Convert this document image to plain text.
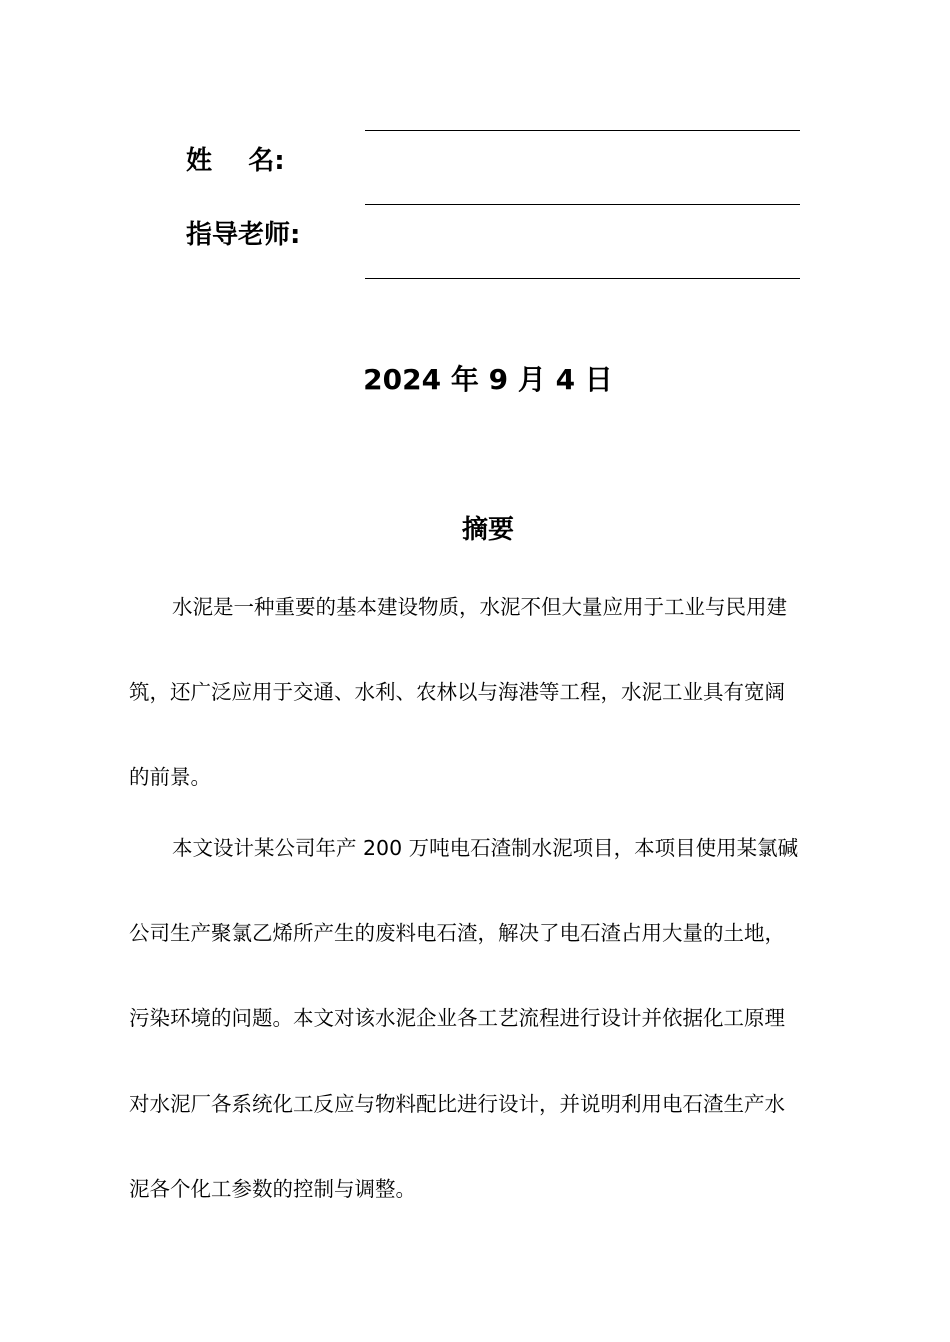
姓    名:
指导老师:
2024 年 9 月 4 日
摘要
水泥是一种重要的基本建设物质，水泥不但大量应用于工业与民用建
筑，还广泛应用于交通、水利、农林以与海港等工程，水泥工业具有宽阔
的前景。
本文设计某公司年产 200 万吨电石渣制水泥项目，本项目使用某氯碱
公司生产聚氯乙烯所产生的废料电石渣，解决了电石渣占用大量的土地，
污染环境的问题。本文对该水泥企业各工艺流程进行设计并依据化工原理
对水泥厂各系统化工反应与物料配比进行设计，并说明利用电石渣生产水
泥各个化工参数的控制与调整。
